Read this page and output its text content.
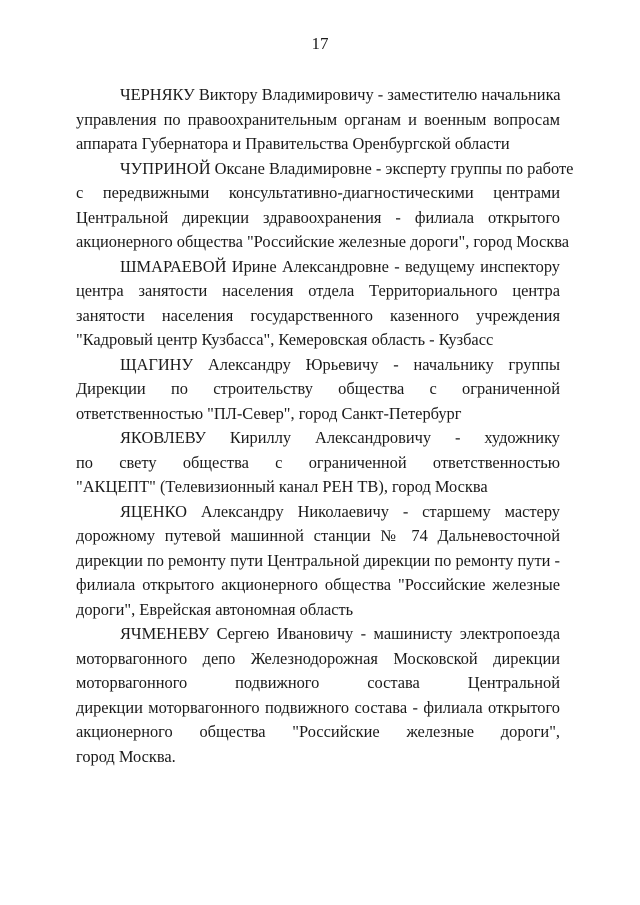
17
ЧЕРНЯКУ Виктору Владимировичу - заместителю начальника
управления по правоохранительным органам и военным вопросам
аппарата Губернатора и Правительства Оренбургской области
ЧУПРИНОЙ Оксане Владимировне - эксперту группы по работе
с передвижными консультативно-диагностическими центрами
Центральной дирекции здравоохранения - филиала открытого
акционерного общества "Российские железные дороги", город Москва
ШМАРАЕВОЙ Ирине Александровне - ведущему инспектору
центра занятости населения отдела Территориального центра
занятости населения государственного казенного учреждения
"Кадровый центр Кузбасса", Кемеровская область - Кузбасс
ЩАГИНУ Александру Юрьевичу - начальнику группы
Дирекции по строительству общества с ограниченной
ответственностью "ПЛ-Север", город Санкт-Петербург
ЯКОВЛЕВУ Кириллу Александровичу - художнику
по свету общества с ограниченной ответственностью
"АКЦЕПТ" (Телевизионный канал РЕН ТВ), город Москва
ЯЦЕНКО Александру Николаевичу - старшему мастеру
дорожному путевой машинной станции № 74 Дальневосточной
дирекции по ремонту пути Центральной дирекции по ремонту пути -
филиала открытого акционерного общества "Российские железные
дороги", Еврейская автономная область
ЯЧМЕНЕВУ Сергею Ивановичу - машинисту электропоезда
моторвагонного депо Железнодорожная Московской дирекции
моторвагонного подвижного состава Центральной
дирекции моторвагонного подвижного состава - филиала открытого
акционерного общества "Российские железные дороги",
город Москва.
